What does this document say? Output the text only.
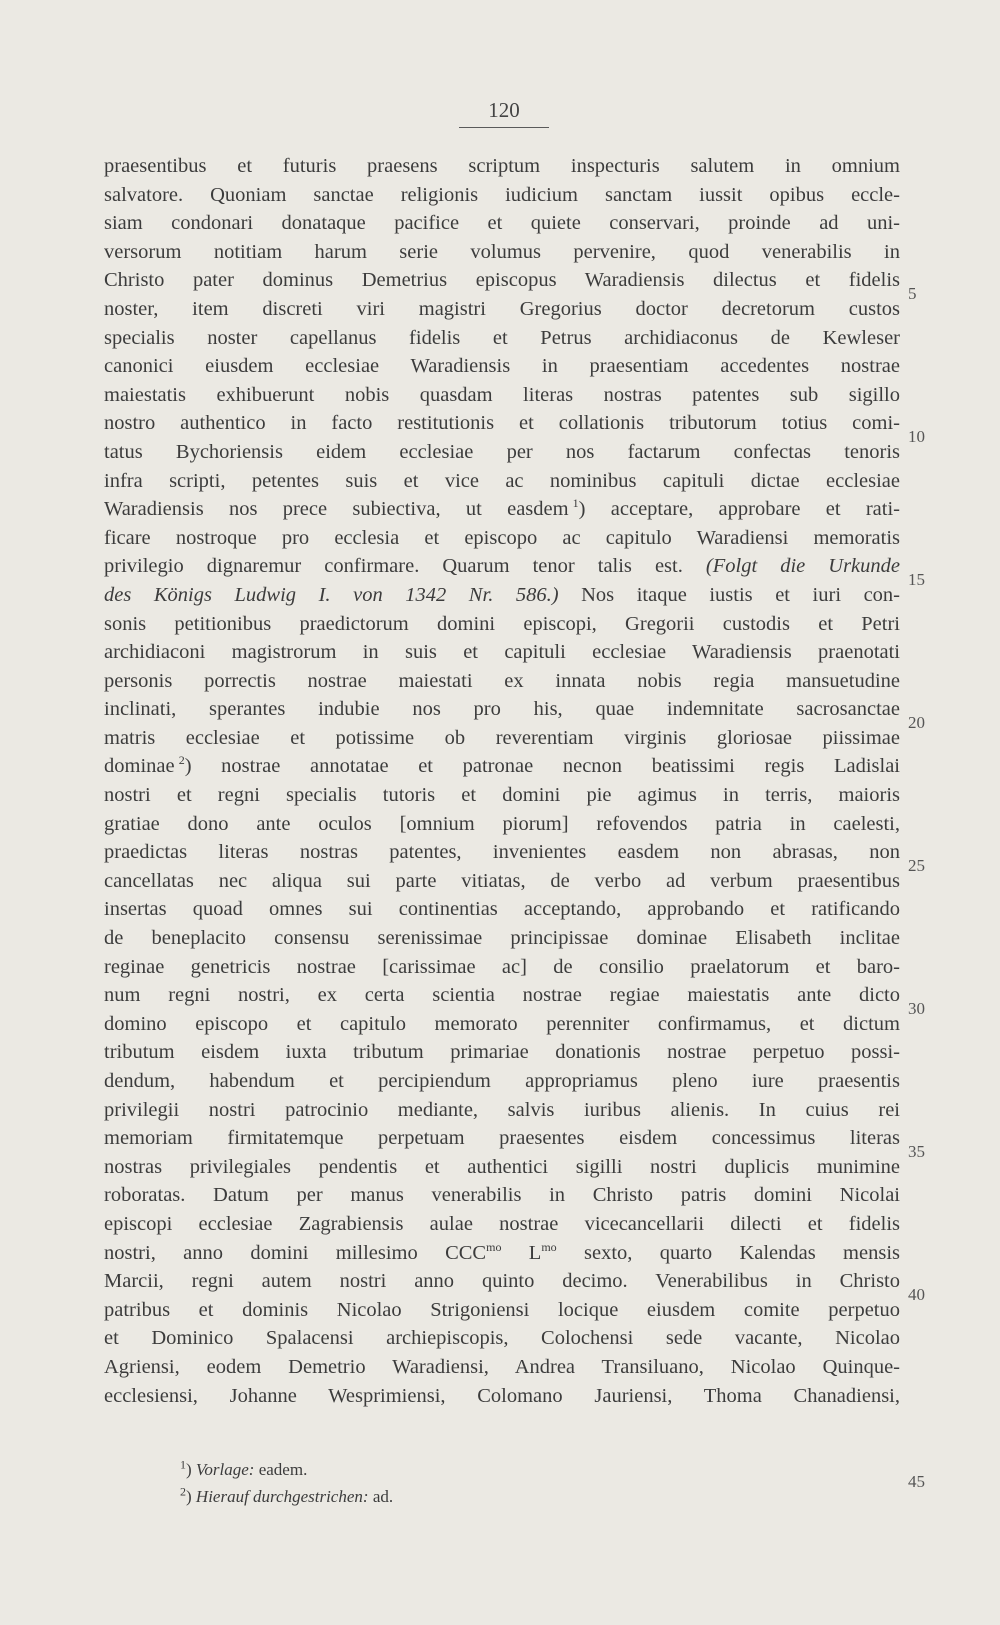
120
praesentibus et futuris praesens scriptum inspecturis salutem in omnium
salvatore. Quoniam sanctae religionis iudicium sanctam iussit opibus eccle-
siam condonari donataque pacifice et quiete conservari, proinde ad uni-
versorum notitiam harum serie volumus pervenire, quod venerabilis in
Christo pater dominus Demetrius episcopus Waradiensis dilectus et fidelis
noster, item discreti viri magistri Gregorius doctor decretorum custos
specialis noster capellanus fidelis et Petrus archidiaconus de Kewleser
canonici eiusdem ecclesiae Waradiensis in praesentiam accedentes nostrae
maiestatis exhibuerunt nobis quasdam literas nostras patentes sub sigillo
nostro authentico in facto restitutionis et collationis tributorum totius comi-
tatus Bychoriensis eidem ecclesiae per nos factarum confectas tenoris
infra scripti, petentes suis et vice ac nominibus capituli dictae ecclesiae
Waradiensis nos prece subiectiva, ut easdem  $^1$) acceptare, approbare et rati-
ficare nostroque pro ecclesia et episcopo ac capitulo Waradiensi memoratis
privilegio dignaremur confirmare. Quarum tenor talis est. (Folgt die Urkunde
des Königs Ludwig I. von 1342 Nr. 586.) Nos itaque iustis et iuri con-
sonis petitionibus praedictorum domini episcopi, Gregorii custodis et Petri
archidiaconi magistrorum in suis et capituli ecclesiae Waradiensis praenotati
personis porrectis nostrae maiestati ex innata nobis regia mansuetudine
inclinati, sperantes indubie nos pro his, quae indemnitate sacrosanctae
matris ecclesiae et potissime ob reverentiam virginis gloriosae piissimae
dominae  $^2$) nostrae annotatae et patronae necnon beatissimi regis Ladislai
nostri et regni specialis tutoris et domini pie agimus in terris, maioris
gratiae dono ante oculos [omnium piorum] refovendos patria in caelesti,
praedictas literas nostras patentes, invenientes easdem non abrasas, non
cancellatas nec aliqua sui parte vitiatas, de verbo ad verbum praesentibus
insertas quoad omnes sui continentias acceptando, approbando et ratificando
de beneplacito consensu serenissimae principissae dominae Elisabeth inclitae
reginae genetricis nostrae [carissimae ac] de consilio praelatorum et baro-
num regni nostri, ex certa scientia nostrae regiae maiestatis ante dicto
domino episcopo et capitulo memorato perenniter confirmamus, et dictum
tributum eisdem iuxta tributum primariae donationis nostrae perpetuo possi-
dendum, habendum et percipiendum appropriamus pleno iure praesentis
privilegii nostri patrocinio mediante, salvis iuribus alienis. In cuius rei
memoriam firmitatemque perpetuam praesentes eisdem concessimus literas
nostras privilegiales pendentis et authentici sigilli nostri duplicis munimine
roboratas. Datum per manus venerabilis in Christo patris domini Nicolai
episcopi ecclesiae Zagrabiensis aulae nostrae vicecancellarii dilecti et fidelis
nostri, anno domini millesimo $CCC^{mo}$ $L^{mo}$ sexto, quarto Kalendas mensis
Marcii, regni autem nostri anno quinto decimo. Venerabilibus in Christo
patribus et dominis Nicolao Strigoniensi locique eiusdem comite perpetuo
et Dominico Spalacensi archiepiscopis, Colochensi sede vacante, Nicolao
Agriensi, eodem Demetrio Waradiensi, Andrea Transiluano, Nicolao Quinque-
ecclesiensi, Johanne Wesprimiensi, Colomano Jauriensi, Thoma Chanadiensi,
5
10
15
20
25
30
35
40
45
$^1$) Vorlage: eadem.
$^2$) Hierauf durchgestrichen: ad.
